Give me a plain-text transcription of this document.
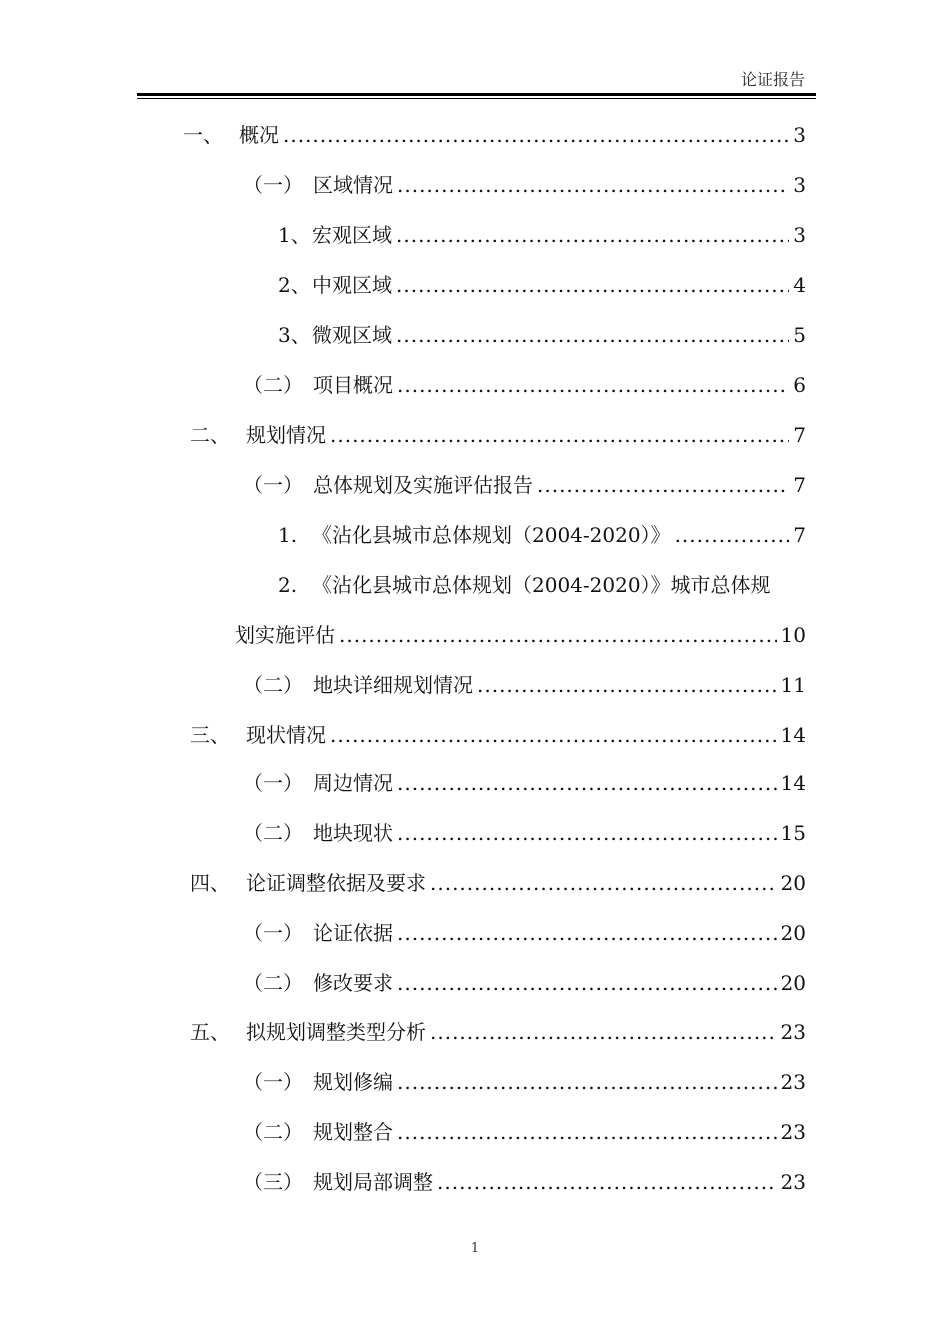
论证报告
一、 概况 .....	3
（一） 区域情况 .....	3
1、 宏观区域 .....	3
2、 中观区域 .....	4
3、 微观区域 .....	5
（二） 项目概况 .....	6
二、 规划情况 .....	7
（一） 总体规划及实施评估报告 .....	7
1. 《沾化县城市总体规划（2004-2020）》 .....	7
2. 《沾化县城市总体规划（2004-2020）》城市总体规
划实施评估 .....	10
（二） 地块详细规划情况 .....	11
三、 现状情况 .....	14
（一） 周边情况 .....	14
（二） 地块现状 .....	15
四、 论证调整依据及要求 .....	20
（一） 论证依据 .....	20
（二） 修改要求 .....	20
五、 拟规划调整类型分析 .....	23
（一） 规划修编 .....	23
（二） 规划整合 .....	23
（三） 规划局部调整 .....	23
1
